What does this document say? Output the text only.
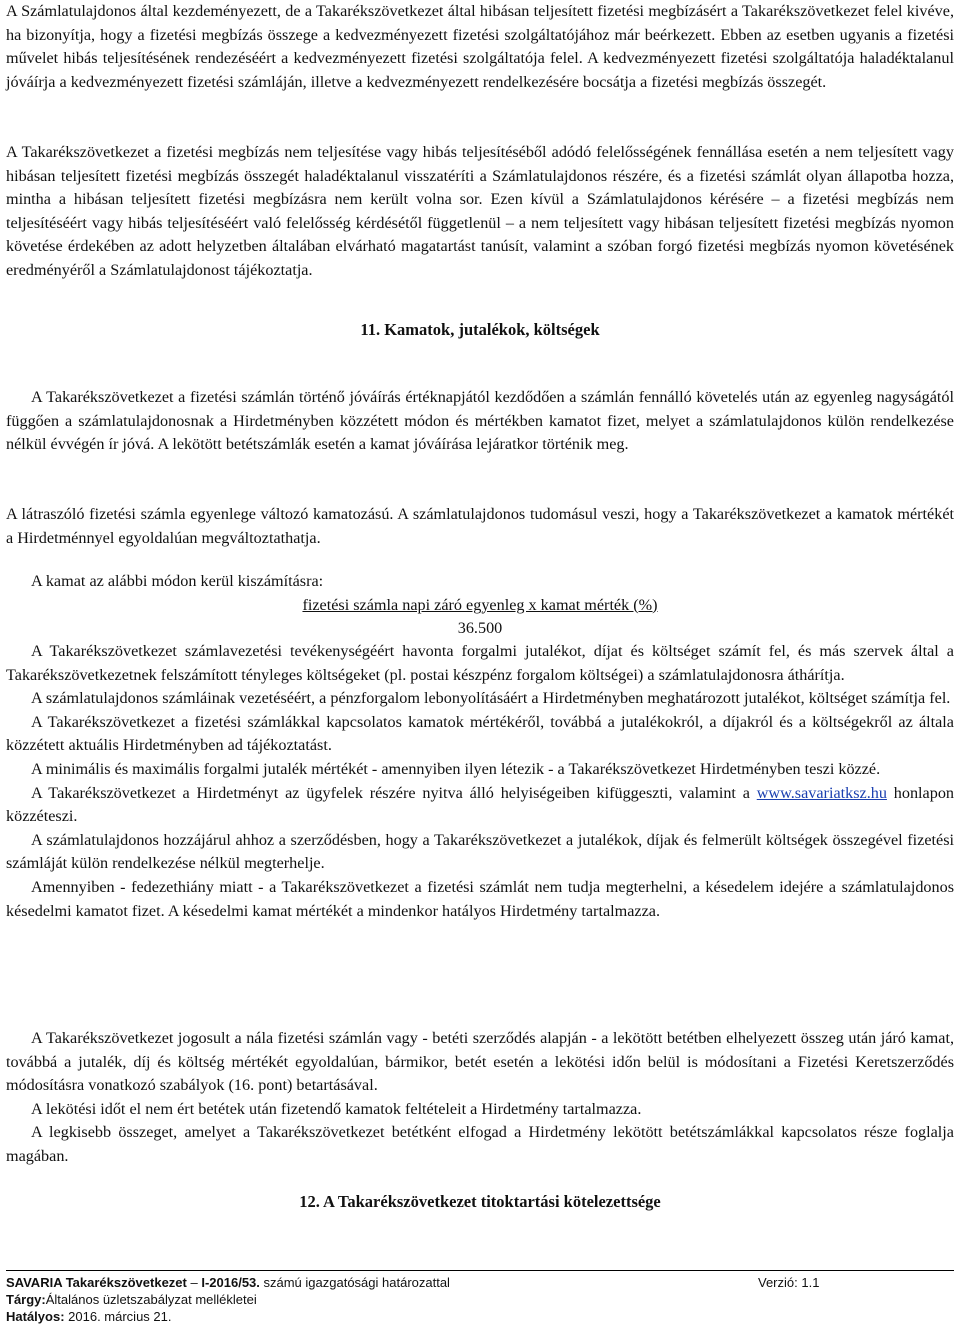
A Számlatulajdonos által kezdeményezett, de a Takarékszövetkezet által hibásan teljesített fizetési megbízásért a Takarékszövetkezet felel kivéve, ha bizonyítja, hogy a fizetési megbízás összege a kedvezményezett fizetési szolgáltatójához már beérkezett. Ebben az esetben ugyanis a fizetési művelet hibás teljesítésének rendezéséért a kedvezményezett fizetési szolgáltatója felel. A kedvezményezett fizetési szolgáltatója haladéktalanul jóváírja a kedvezményezett fizetési számláján, illetve a kedvezményezett rendelkezésére bocsátja a fizetési megbízás összegét.

A Takarékszövetkezet a fizetési megbízás nem teljesítése vagy hibás teljesítéséből adódó felelősségének fennállása esetén a nem teljesített vagy hibásan teljesített fizetési megbízás összegét haladéktalanul visszatéríti a Számlatulajdonos részére, és a fizetési számlát olyan állapotba hozza, mintha a hibásan teljesített fizetési megbízásra nem került volna sor. Ezen kívül a Számlatulajdonos kérésére – a fizetési megbízás nem teljesítéséért vagy hibás teljesítéséért való felelősség kérdésétől függetlenül – a nem teljesített vagy hibásan teljesített fizetési megbízás nyomon követése érdekében az adott helyzetben általában elvárható magatartást tanúsít, valamint a szóban forgó fizetési megbízás nyomon követésének eredményéről a Számlatulajdonost tájékoztatja.

11. Kamatok, jutalékok, költségek

A Takarékszövetkezet a fizetési számlán történő jóváírás értéknapjától kezdődően a számlán fennálló követelés után az egyenleg nagyságától függően a számlatulajdonosnak a Hirdetményben közzétett módon és mértékben kamatot fizet, melyet a számlatulajdonos külön rendelkezése nélkül évvégén ír jóvá. A lekötött betétszámlák esetén a kamat jóváírása lejáratkor történik meg.

A látraszóló fizetési számla egyenlege változó kamatozású. A számlatulajdonos tudomásul veszi, hogy a Takarékszövetkezet a kamatok mértékét a Hirdetménnyel egyoldalúan megváltoztathatja.

A kamat az alábbi módon kerül kiszámításra:

fizetési számla napi záró egyenleg x kamat mérték (%)

36.500

A Takarékszövetkezet számlavezetési tevékenységéért havonta forgalmi jutalékot, díjat és költséget számít fel, és más szervek által a Takarékszövetkezetnek felszámított tényleges költségeket (pl. postai készpénz forgalom költségei) a számlatulajdonosra áthárítja.

A számlatulajdonos számláinak vezetéséért, a pénzforgalom lebonyolításáért a Hirdetményben meghatározott jutalékot, költséget számítja fel.

A Takarékszövetkezet a fizetési számlákkal kapcsolatos kamatok mértékéről, továbbá a jutalékokról, a díjakról és a költségekről az általa közzétett aktuális Hirdetményben ad tájékoztatást.

A minimális és maximális forgalmi jutalék mértékét - amennyiben ilyen létezik - a Takarékszövetkezet Hirdetményben teszi közzé.

A Takarékszövetkezet a Hirdetményt az ügyfelek részére nyitva álló helyiségeiben kifüggeszti, valamint a www.savariatksz.hu honlapon közzéteszi.

A számlatulajdonos hozzájárul ahhoz a szerződésben, hogy a Takarékszövetkezet a jutalékok, díjak és felmerült költségek összegével fizetési számláját külön rendelkezése nélkül megterhelje.

Amennyiben - fedezethiány miatt - a Takarékszövetkezet a fizetési számlát nem tudja megterhelni, a késedelem idejére a számlatulajdonos késedelmi kamatot fizet. A késedelmi kamat mértékét a mindenkor hatályos Hirdetmény tartalmazza.

A Takarékszövetkezet jogosult a nála fizetési számlán vagy - betéti szerződés alapján - a lekötött betétben elhelyezett összeg után járó kamat, továbbá a jutalék, díj és költség mértékét egyoldalúan, bármikor, betét esetén a lekötési időn belül is módosítani a Fizetési Keretszerződés módosításra vonatkozó szabályok (16. pont) betartásával.

A lekötési időt el nem ért betétek után fizetendő kamatok feltételeit a Hirdetmény tartalmazza.

A legkisebb összeget, amelyet a Takarékszövetkezet betétként elfogad a Hirdetmény lekötött betétszámlákkal kapcsolatos része foglalja magában.

12. A Takarékszövetkezet titoktartási kötelezettsége
SAVARIA Takarékszövetkezet – I-2016/53. számú igazgatósági határozattal	Verzió: 1.1
Tárgy:Általános üzletszabályzat mellékletei
Hatályos: 2016. március 21.
